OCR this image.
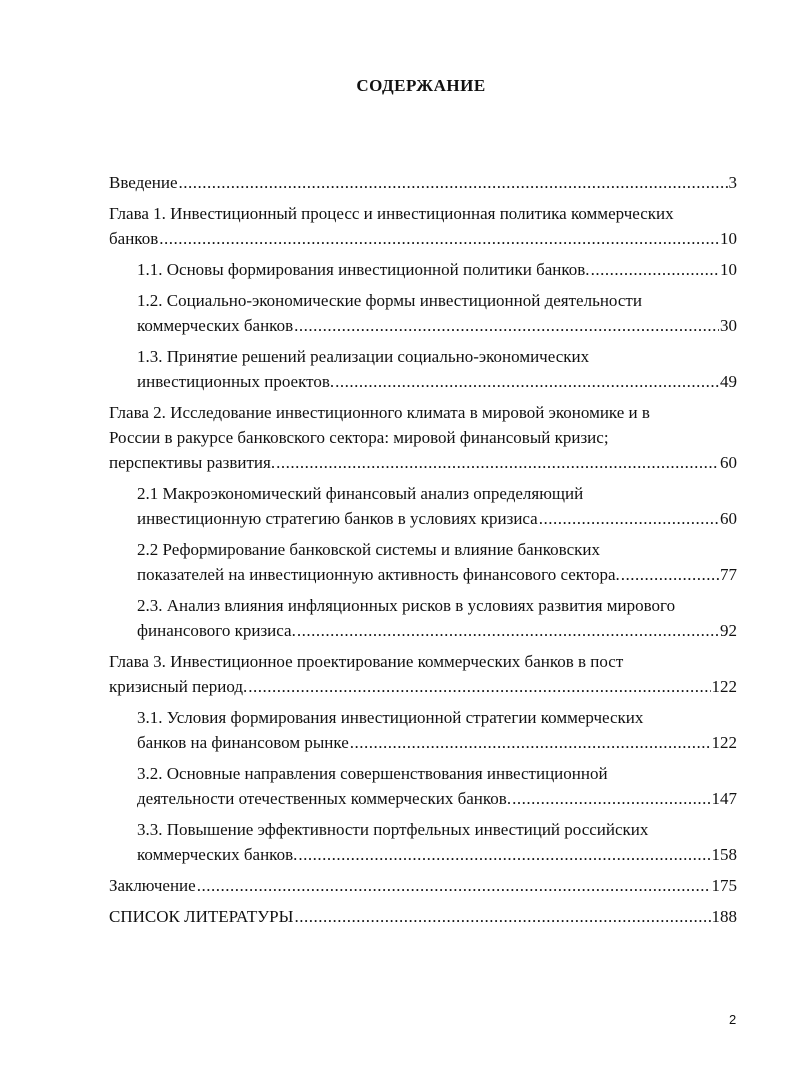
СОДЕРЖАНИЕ
Введение .....	3
Глава 1. Инвестиционный процесс и инвестиционная политика коммерческих
банков .....	10
1.1. Основы формирования инвестиционной политики банков. .....	10
1.2. Социально-экономические формы инвестиционной деятельности
коммерческих банков .....	30
1.3. Принятие решений реализации социально-экономических
инвестиционных проектов. .....	49
Глава 2. Исследование инвестиционного климата в мировой экономике и в
России в ракурсе банковского сектора: мировой финансовый кризис;
перспективы развития. .....	60
2.1 Макроэкономический финансовый анализ определяющий
инвестиционную стратегию банков в условиях кризиса .....	60
2.2 Реформирование банковской системы и влияние банковских
показателей на инвестиционную активность финансового сектора. .....	77
2.3. Анализ влияния инфляционных рисков в условиях развития мирового
финансового кризиса. .....	92
Глава 3. Инвестиционное проектирование коммерческих банков в пост
кризисный период. .....	122
3.1. Условия формирования инвестиционной стратегии коммерческих
банков на финансовом рынке .....	122
3.2. Основные направления совершенствования инвестиционной
деятельности отечественных коммерческих банков. .....	147
3.3. Повышение эффективности портфельных инвестиций российских
коммерческих банков. .....	158
Заключение .....	175
СПИСОК ЛИТЕРАТУРЫ .....	188
2
